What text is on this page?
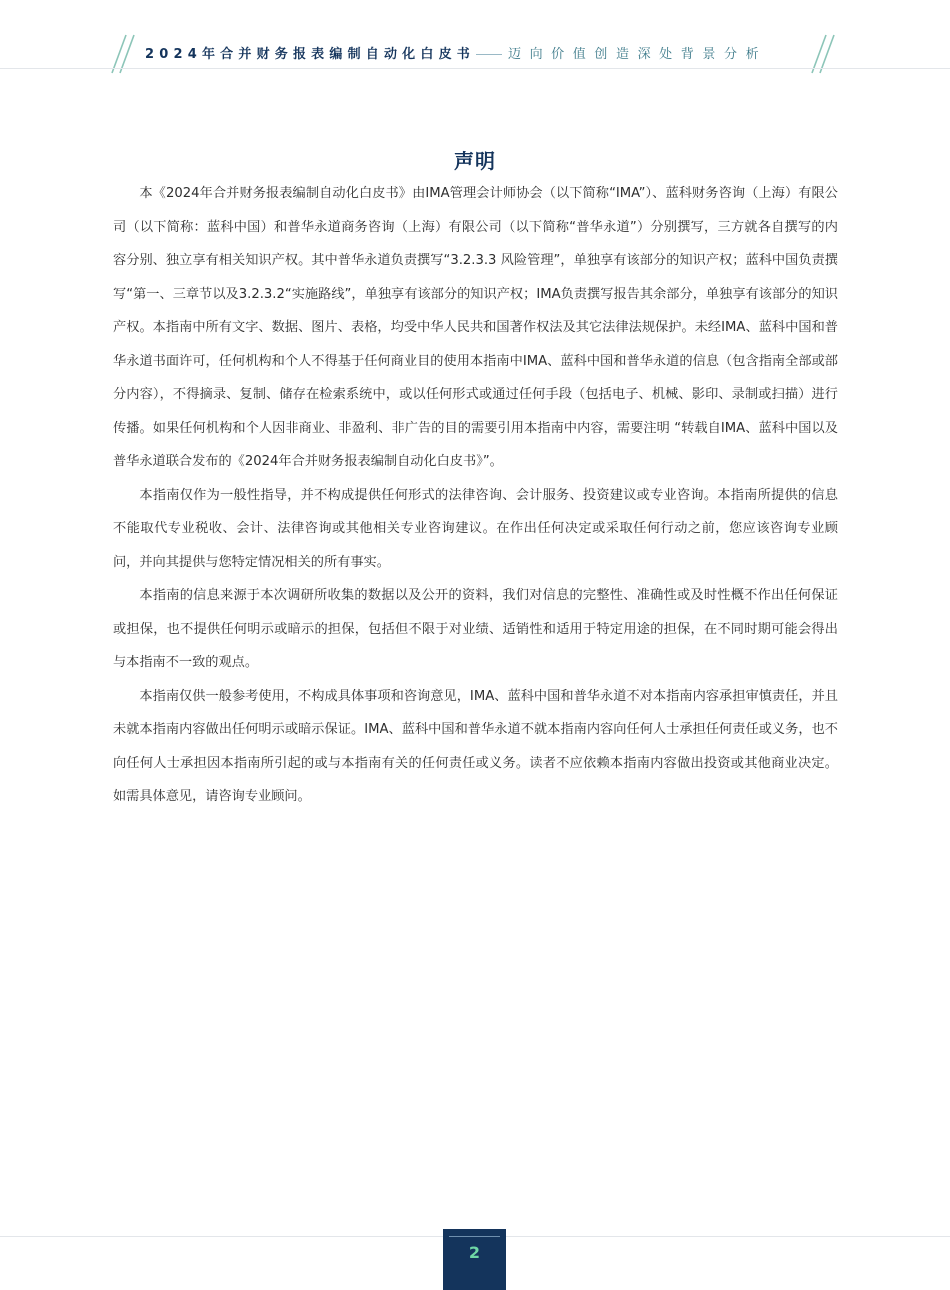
2024年合并财务报表编制自动化白皮书	迈向价值创造深处背景分析
声明

本《2024年合并财务报表编制自动化白皮书》由IMA管理会计师协会（以下简称“IMA”）、蓝科财务咨询（上海）有限公司（以下简称：蓝科中国）和普华永道商务咨询（上海）有限公司（以下简称“普华永道”）分别撰写，三方就各自撰写的内容分别、独立享有相关知识产权。其中普华永道负责撰写“3.2.3.3 风险管理”，单独享有该部分的知识产权；蓝科中国负责撰写“第一、三章节以及3.2.3.2“实施路线”，单独享有该部分的知识产权；IMA负责撰写报告其余部分，单独享有该部分的知识产权。本指南中所有文字、数据、图片、表格，均受中华人民共和国著作权法及其它法律法规保护。未经IMA、蓝科中国和普华永道书面许可，任何机构和个人不得基于任何商业目的使用本指南中IMA、蓝科中国和普华永道的信息（包含指南全部或部分内容），不得摘录、复制、储存在检索系统中，或以任何形式或通过任何手段（包括电子、机械、影印、录制或扫描）进行传播。如果任何机构和个人因非商业、非盈利、非广告的目的需要引用本指南中内容，需要注明 “转载自IMA、蓝科中国以及普华永道联合发布的《2024年合并财务报表编制自动化白皮书》”。

本指南仅作为一般性指导，并不构成提供任何形式的法律咨询、会计服务、投资建议或专业咨询。本指南所提供的信息不能取代专业税收、会计、法律咨询或其他相关专业咨询建议。在作出任何决定或采取任何行动之前，您应该咨询专业顾问，并向其提供与您特定情况相关的所有事实。

本指南的信息来源于本次调研所收集的数据以及公开的资料，我们对信息的完整性、准确性或及时性概不作出任何保证或担保，也不提供任何明示或暗示的担保，包括但不限于对业绩、适销性和适用于特定用途的担保，在不同时期可能会得出与本指南不一致的观点。

本指南仅供一般参考使用，不构成具体事项和咨询意见，IMA、蓝科中国和普华永道不对本指南内容承担审慎责任，并且未就本指南内容做出任何明示或暗示保证。IMA、蓝科中国和普华永道不就本指南内容向任何人士承担任何责任或义务，也不向任何人士承担因本指南所引起的或与本指南有关的任何责任或义务。读者不应依赖本指南内容做出投资或其他商业决定。如需具体意见，请咨询专业顾问。

2
